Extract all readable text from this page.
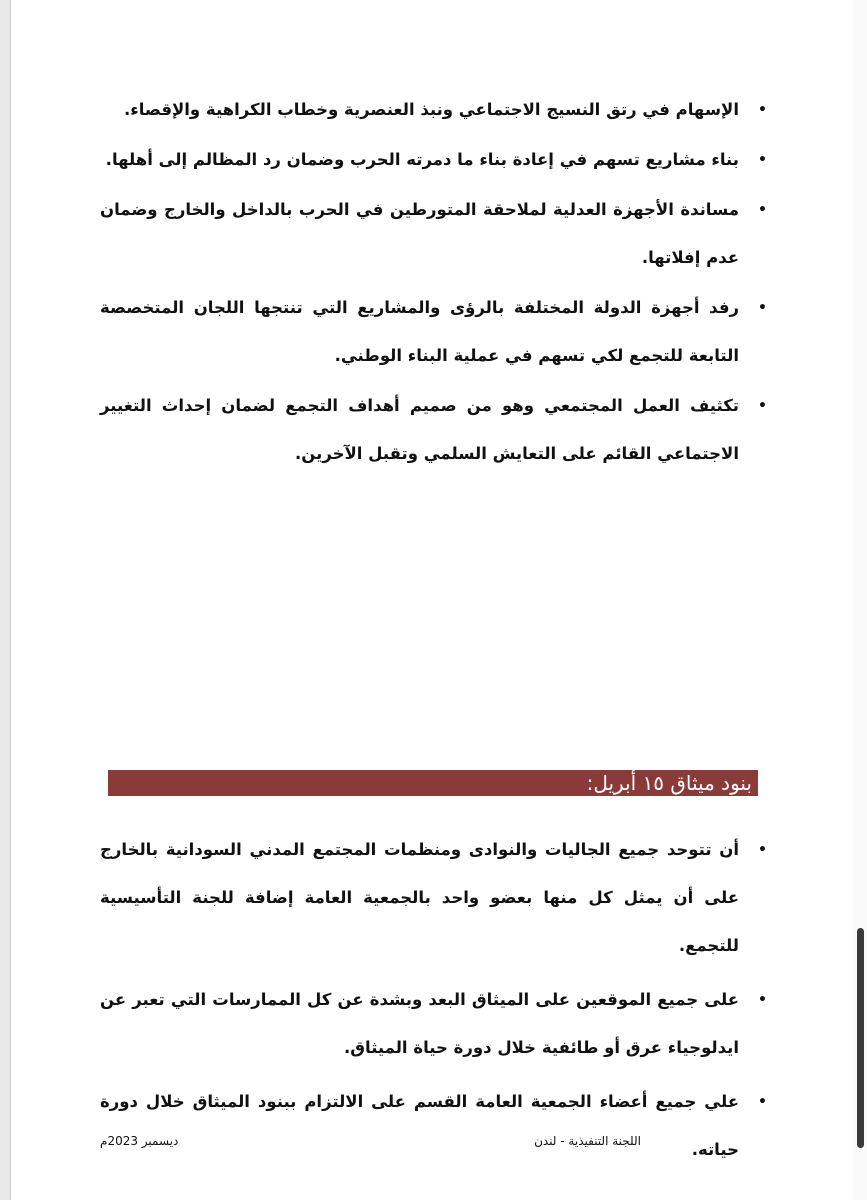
• الإسهام في رتق النسيج الاجتماعي ونبذ العنصرية وخطاب الكراهية والإقصاء.
• بناء مشاريع تسهم في إعادة بناء ما دمرته الحرب وضمان رد المظالم إلى أهلها.
• مساندة الأجهزة العدلية لملاحقة المتورطين في الحرب بالداخل والخارج وضمان عدم إفلاتها.
• رفد أجهزة الدولة المختلفة بالرؤى والمشاريع التي تنتجها اللجان المتخصصة التابعة للتجمع لكي تسهم في عملية البناء الوطني.
• تكثيف العمل المجتمعي وهو من صميم أهداف التجمع لضمان إحداث التغيير الاجتماعي القائم على التعايش السلمي وتقبل الآخرين.
بنود ميثاق ١٥ أبريل:
• أن تتوحد جميع الجاليات والنوادى ومنظمات المجتمع المدني السودانية بالخارج على أن يمثل كل منها بعضو واحد بالجمعية العامة إضافة للجنة التأسيسية للتجمع.
• على جميع الموقعين على الميثاق البعد وبشدة عن كل الممارسات التي تعبر عن ايدلوجياء عرق أو طائفية خلال دورة حياة الميثاق.
• علي جميع أعضاء الجمعية العامة القسم على الالتزام ببنود الميثاق خلال دورة حياته.
اللجنة التنفيذية - لندن
ديسمبر 2023م
